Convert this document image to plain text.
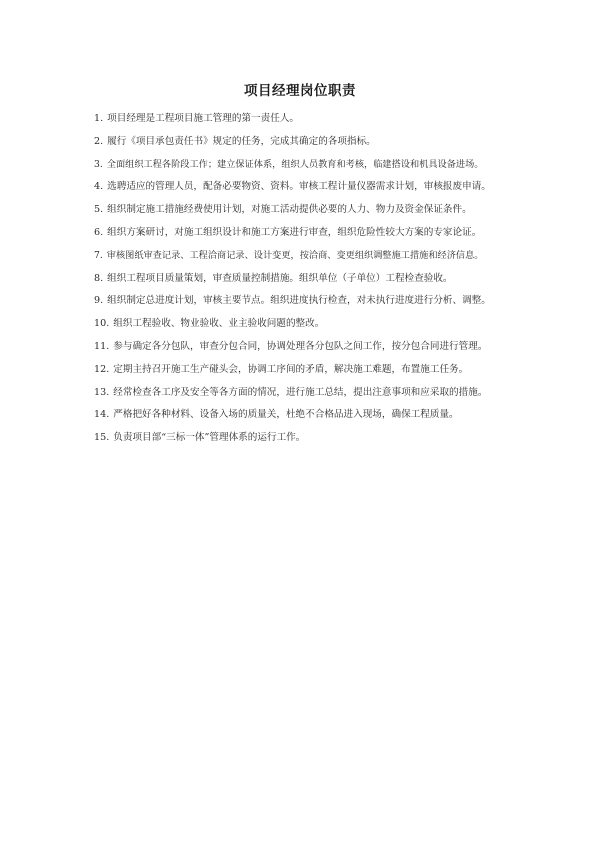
项目经理岗位职责
1. 项目经理是工程项目施工管理的第一责任人。
2. 履行《项目承包责任书》规定的任务，完成其确定的各项指标。
3. 全面组织工程各阶段工作；建立保证体系，组织人员教育和考核，临建搭设和机具设备进场。
4. 选聘适应的管理人员，配备必要物资、资料。审核工程计量仪器需求计划，审核报废申请。
5. 组织制定施工措施经费使用计划，对施工活动提供必要的人力、物力及资金保证条件。
6. 组织方案研讨，对施工组织设计和施工方案进行审查，组织危险性较大方案的专家论证。
7. 审核图纸审查记录、工程洽商记录、设计变更，按洽商、变更组织调整施工措施和经济信息。
8. 组织工程项目质量策划，审查质量控制措施。组织单位（子单位）工程检查验收。
9. 组织制定总进度计划，审核主要节点。组织进度执行检查，对未执行进度进行分析、调整。
10. 组织工程验收、物业验收、业主验收问题的整改。
11. 参与确定各分包队，审查分包合同，协调处理各分包队之间工作，按分包合同进行管理。
12. 定期主持召开施工生产碰头会，协调工序间的矛盾，解决施工难题，布置施工任务。
13. 经常检查各工序及安全等各方面的情况，进行施工总结，提出注意事项和应采取的措施。
14. 严格把好各种材料、设备入场的质量关，杜绝不合格品进入现场，确保工程质量。
15. 负责项目部“三标一体”管理体系的运行工作。
